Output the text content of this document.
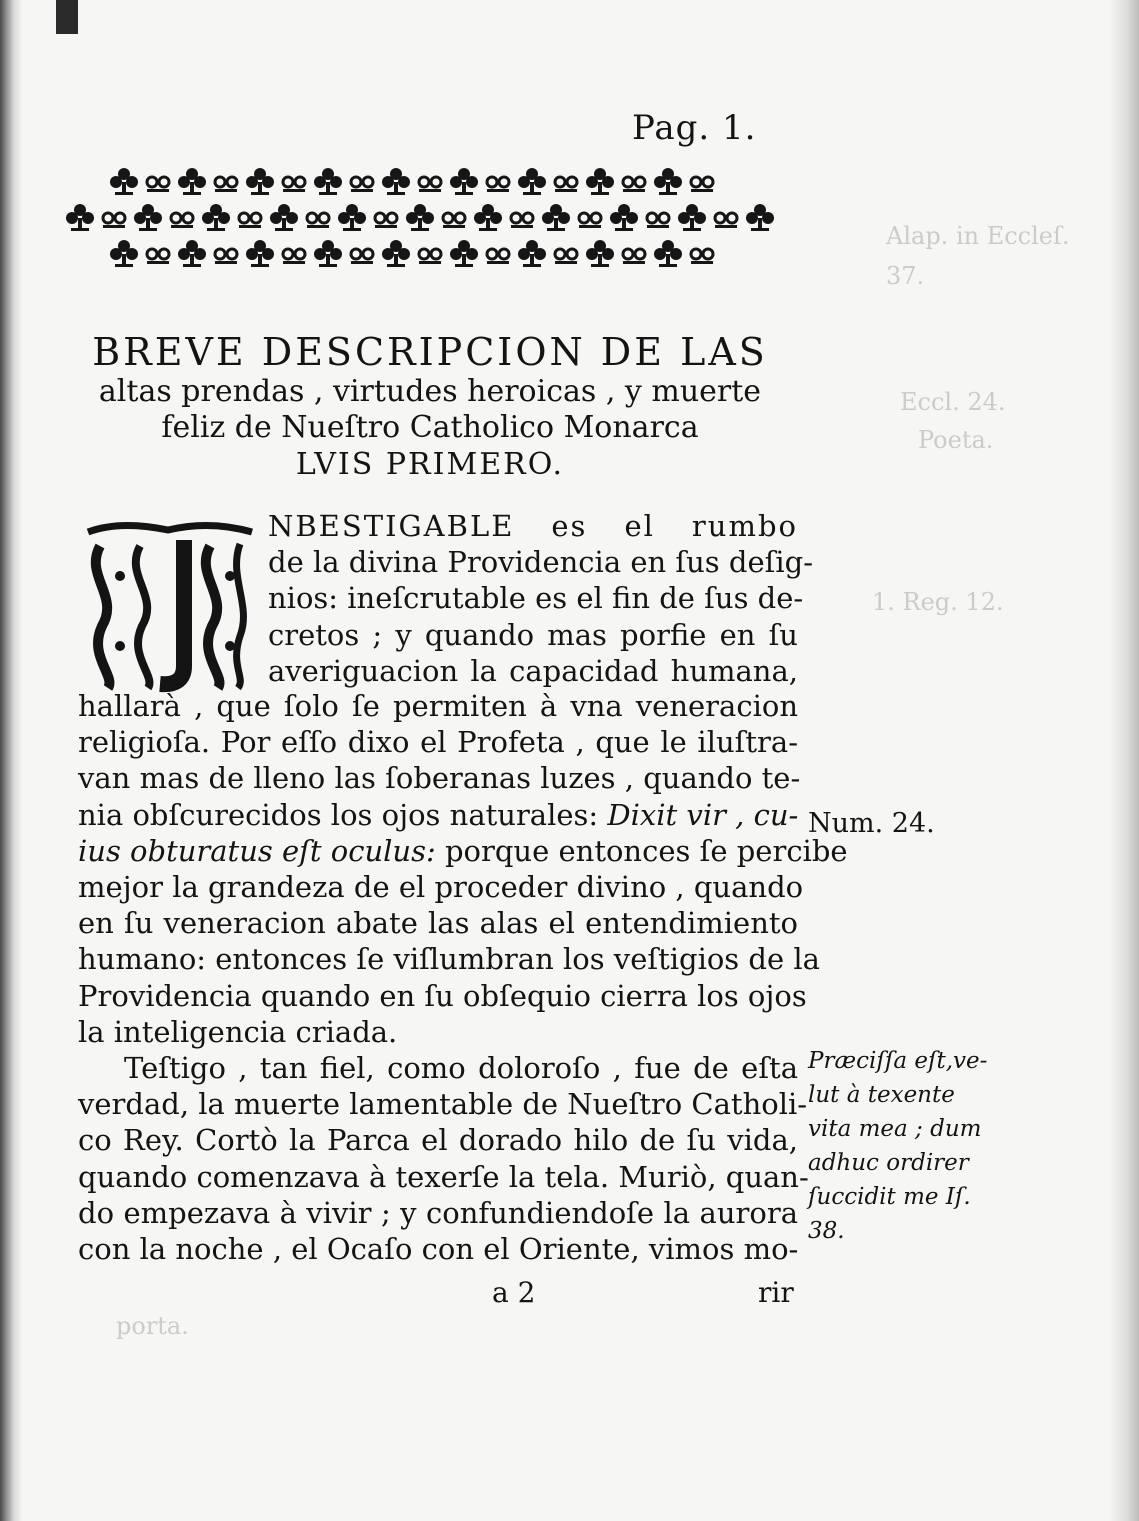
Alap. in Eccleſ.
37.
Poeta.
Eccl. 24.
1. Reg. 12.
porta.
Pag. 1.

BREVE DESCRIPCION DE LAS

altas prendas , virtudes heroicas , y muerte

feliz de Nueſtro Catholico Monarca

LVIS PRIMERO.

NBESTIGABLE es el rumbo
de la divina Providencia en ſus deſig-
nios: ineſcrutable es el fin de ſus de-
cretos ; y quando mas porfie en ſu
averiguacion la capacidad humana,
hallarà , que ſolo ſe permiten à vna veneracion
religioſa. Por eſſo dixo el Profeta , que le iluſtra-
van mas de lleno las ſoberanas luzes , quando te-
nia obſcurecidos los ojos naturales: Dixit vir , cu-
ius obturatus eſt oculus: porque entonces ſe percibe
mejor la grandeza de el proceder divino , quando
en ſu veneracion abate las alas el entendimiento
humano: entonces ſe viſlumbran los veſtigios de la
Providencia quando en ſu obſequio cierra los ojos
la inteligencia criada.
Teſtigo , tan fiel, como doloroſo , fue de eſta
verdad, la muerte lamentable de Nueſtro Catholi-
co Rey. Cortò la Parca el dorado hilo de ſu vida,
quando comenzava à texerſe la tela. Muriò, quan-
do empezava à vivir ; y confundiendoſe la aurora
con la noche , el Ocaſo con el Oriente, vimos mo-
Num. 24.
Præciſſa eſt,ve-
lut à texente
vita mea ; dum
adhuc ordirer
ſuccidit me Iſ.
38.
a 2	rir
